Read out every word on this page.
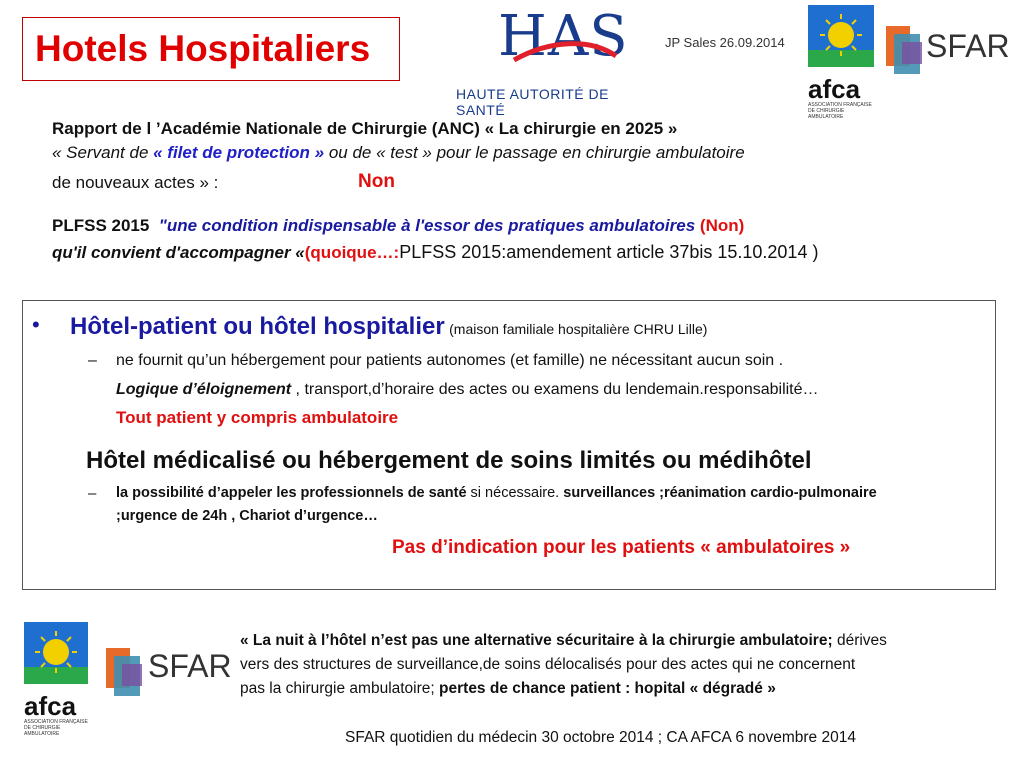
Hotels Hospitaliers HAS
HAUTE AUTORITÉ DE SANTÉ
JP Sales 26.09.2014
afca
ASSOCIATION FRANÇAISE DE CHIRURGIE AMBULATOIRE
SFAR
Rapport de l ’Académie Nationale de Chirurgie (ANC) « La chirurgie en 2025 »
« Servant de « filet de protection » ou de « test » pour le passage en chirurgie ambulatoire
de nouveaux actes » :	Non
PLFSS 2015 "une condition indispensable à l'essor des pratiques ambulatoires (Non)
qu'il convient d'accompagner «(quoique…:PLFSS 2015:amendement article 37bis 15.10.2014 )
• Hôtel-patient ou hôtel hospitalier (maison familiale hospitalière CHRU Lille)
– ne fournit qu’un hébergement pour patients autonomes (et famille) ne nécessitant aucun soin .
Logique d’éloignement , transport,d’horaire des actes ou examens du lendemain.responsabilité…
Tout patient y compris ambulatoire
Hôtel médicalisé ou hébergement de soins limités ou médihôtel
– la possibilité d’appeler les professionnels de santé si nécessaire. surveillances ;réanimation cardio-pulmonaire
;urgence de 24h , Chariot d’urgence…
Pas d’indication pour les patients « ambulatoires »
afca
ASSOCIATION FRANÇAISE DE CHIRURGIE AMBULATOIRE
SFAR
« La nuit à l’hôtel n’est pas une alternative sécuritaire à la chirurgie ambulatoire; dérives
vers des structures de surveillance,de soins délocalisés pour des actes qui ne concernent
pas la chirurgie ambulatoire; pertes de chance patient : hopital « dégradé »
SFAR quotidien du médecin 30 octobre 2014 ; CA AFCA 6 novembre 2014
